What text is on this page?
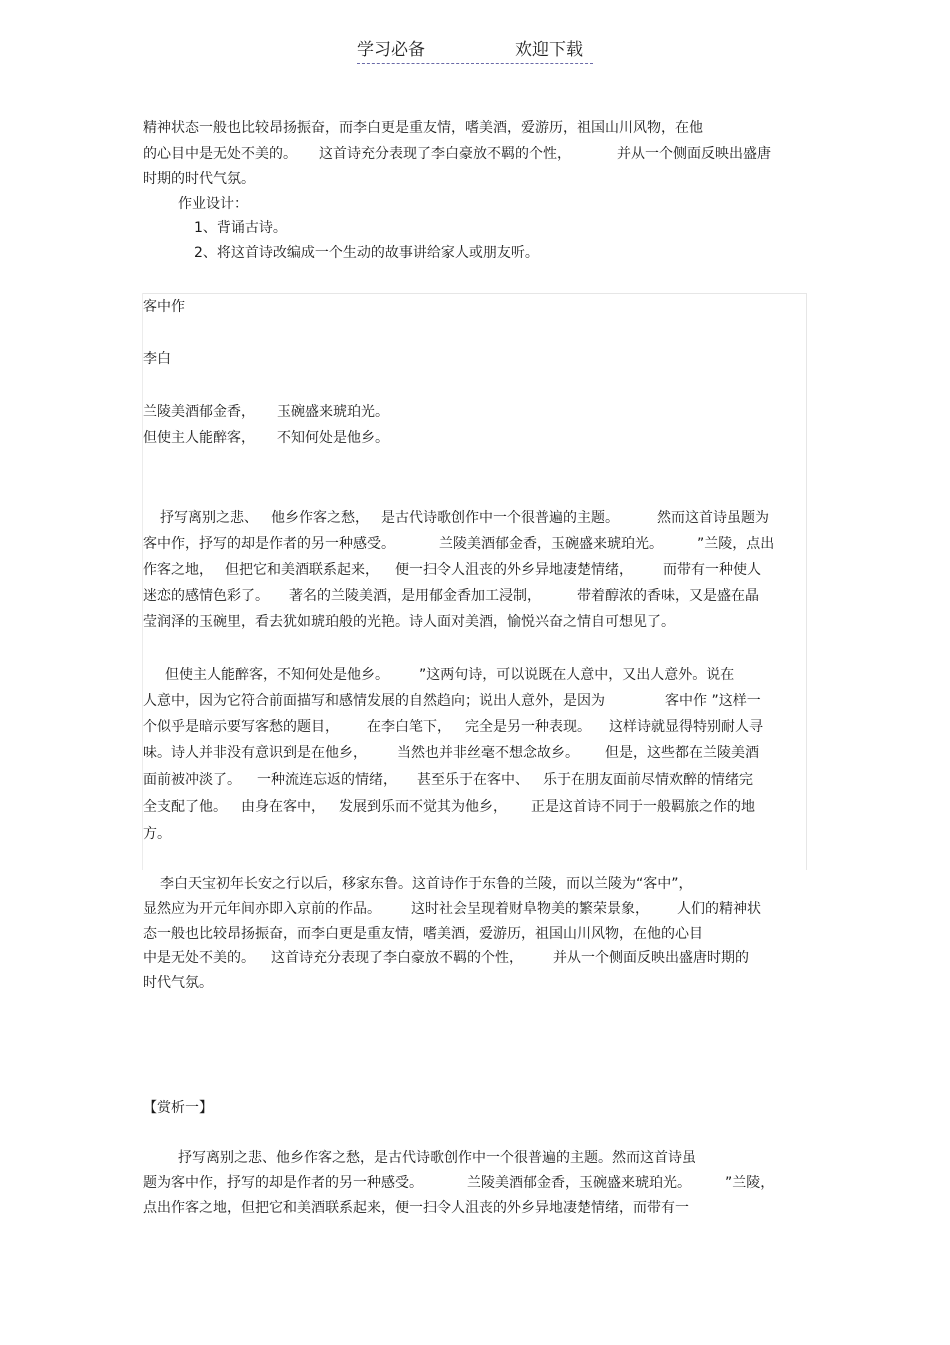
学习必备	欢迎下载
精神状态一般也比较昂扬振奋，而李白更是重友情，嗜美酒，爱游历，祖国山川风物，在他
的心目中是无处不美的。 这首诗充分表现了李白豪放不羁的个性，	并从一个侧面反映出盛唐
时期的时代气氛。
作业设计：
1、背诵古诗。
2、将这首诗改编成一个生动的故事讲给家人或朋友听。
客中作
李白
兰陵美酒郁金香， 玉碗盛来琥珀光。
但使主人能醉客， 不知何处是他乡。
抒写离别之悲、 他乡作客之愁， 是古代诗歌创作中一个很普遍的主题。	然而这首诗虽题为
客中作，抒写的却是作者的另一种感受。	兰陵美酒郁金香，玉碗盛来琥珀光。 ”兰陵，点出
作客之地， 但把它和美酒联系起来， 便一扫令人沮丧的外乡异地凄楚情绪， 而带有一种使人
迷恋的感情色彩了。 著名的兰陵美酒，是用郁金香加工浸制，	带着醇浓的香味，又是盛在晶
莹润泽的玉碗里，看去犹如琥珀般的光艳。诗人面对美酒，愉悦兴奋之情自可想见了。
但使主人能醉客，不知何处是他乡。 ”这两句诗，可以说既在人意中，又出人意外。说在
人意中，因为它符合前面描写和感情发展的自然趋向；说出人意外，是因为	客中作 ”这样一
个似乎是暗示要写客愁的题目， 在李白笔下， 完全是另一种表现。 这样诗就显得特别耐人寻
味。诗人并非没有意识到是在他乡， 当然也并非丝毫不想念故乡。 但是，这些都在兰陵美酒
面前被冲淡了。 一种流连忘返的情绪， 甚至乐于在客中、 乐于在朋友面前尽情欢醉的情绪完
全支配了他。 由身在客中， 发展到乐而不觉其为他乡， 正是这首诗不同于一般羁旅之作的地
方。
李白天宝初年长安之行以后，移家东鲁。这首诗作于东鲁的兰陵，而以兰陵为“客中”，
显然应为开元年间亦即入京前的作品。 这时社会呈现着财阜物美的繁荣景象， 人们的精神状
态一般也比较昂扬振奋，而李白更是重友情，嗜美酒，爱游历，祖国山川风物，在他的心目
中是无处不美的。 这首诗充分表现了李白豪放不羁的个性， 并从一个侧面反映出盛唐时期的
时代气氛。
【赏析一】
抒写离别之悲、他乡作客之愁，是古代诗歌创作中一个很普遍的主题。然而这首诗虽
题为客中作，抒写的却是作者的另一种感受。	兰陵美酒郁金香，玉碗盛来琥珀光。 ”兰陵，
点出作客之地，但把它和美酒联系起来，便一扫令人沮丧的外乡异地凄楚情绪，而带有一
